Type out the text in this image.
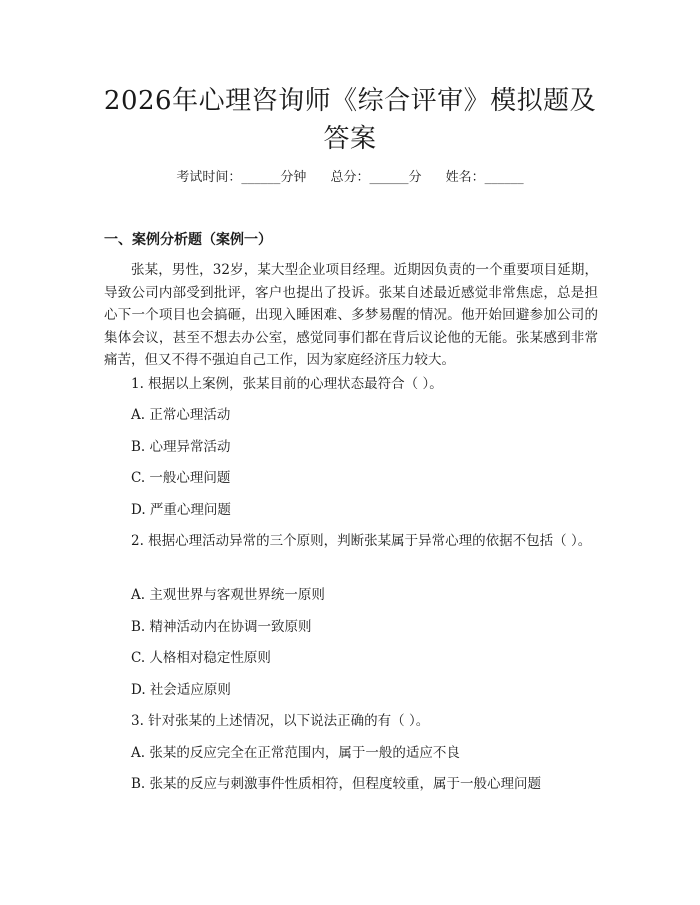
2026年心理咨询师《综合评审》模拟题及答案
考试时间：______分钟 总分：______分 姓名：______
一、案例分析题（案例一）

张某，男性，32岁，某大型企业项目经理。近期因负责的一个重要项目延期，导致公司内部受到批评，客户也提出了投诉。张某自述最近感觉非常焦虑，总是担心下一个项目也会搞砸，出现入睡困难、多梦易醒的情况。他开始回避参加公司的集体会议，甚至不想去办公室，感觉同事们都在背后议论他的无能。张某感到非常痛苦，但又不得不强迫自己工作，因为家庭经济压力较大。

1. 根据以上案例，张某目前的心理状态最符合（ ）。
A. 正常心理活动
B. 心理异常活动
C. 一般心理问题
D. 严重心理问题

2. 根据心理活动异常的三个原则，判断张某属于异常心理的依据不包括（ ）。

A. 主观世界与客观世界统一原则
B. 精神活动内在协调一致原则
C. 人格相对稳定性原则
D. 社会适应原则
3. 针对张某的上述情况，以下说法正确的有（ ）。
A. 张某的反应完全在正常范围内，属于一般的适应不良
B. 张某的反应与刺激事件性质相符，但程度较重，属于一般心理问题
